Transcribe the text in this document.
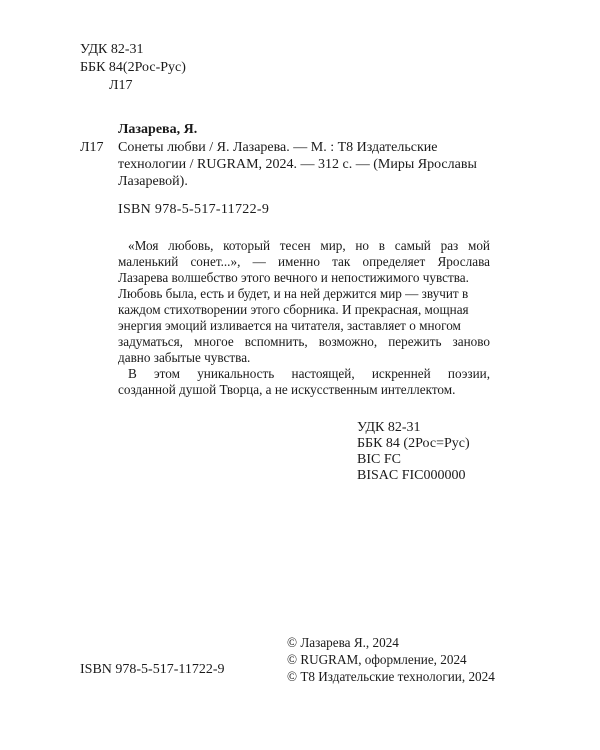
УДК 82-31
ББК 84(2Рос-Рус)
Л17
Лазарева, Я.
Л17 Сонеты любви / Я. Лазарева. — М. : Т8 Издательские
технологии / RUGRAM, 2024. — 312 с. — (Миры Ярославы
Лазаревой).
ISBN 978-5-517-11722-9
«Моя любовь, который тесен мир, но в самый раз мой
маленький сонет...», — именно так определяет Ярослава
Лазарева волшебство этого вечного и непостижимого чувства.
Любовь была, есть и будет, и на ней держится мир — звучит в
каждом стихотворении этого сборника. И прекрасная, мощная
энергия эмоций изливается на читателя, заставляет о многом
задуматься, многое вспомнить, возможно, пережить заново
давно забытые чувства.
В этом уникальность настоящей, искренней поэзии,
созданной душой Творца, а не искусственным интеллектом.
УДК 82-31
ББК 84 (2Рос=Рус)
BIC FC
BISAC FIC000000
© Лазарева Я., 2024
© RUGRAM, оформление, 2024
© Т8 Издательские технологии, 2024
ISBN 978-5-517-11722-9
